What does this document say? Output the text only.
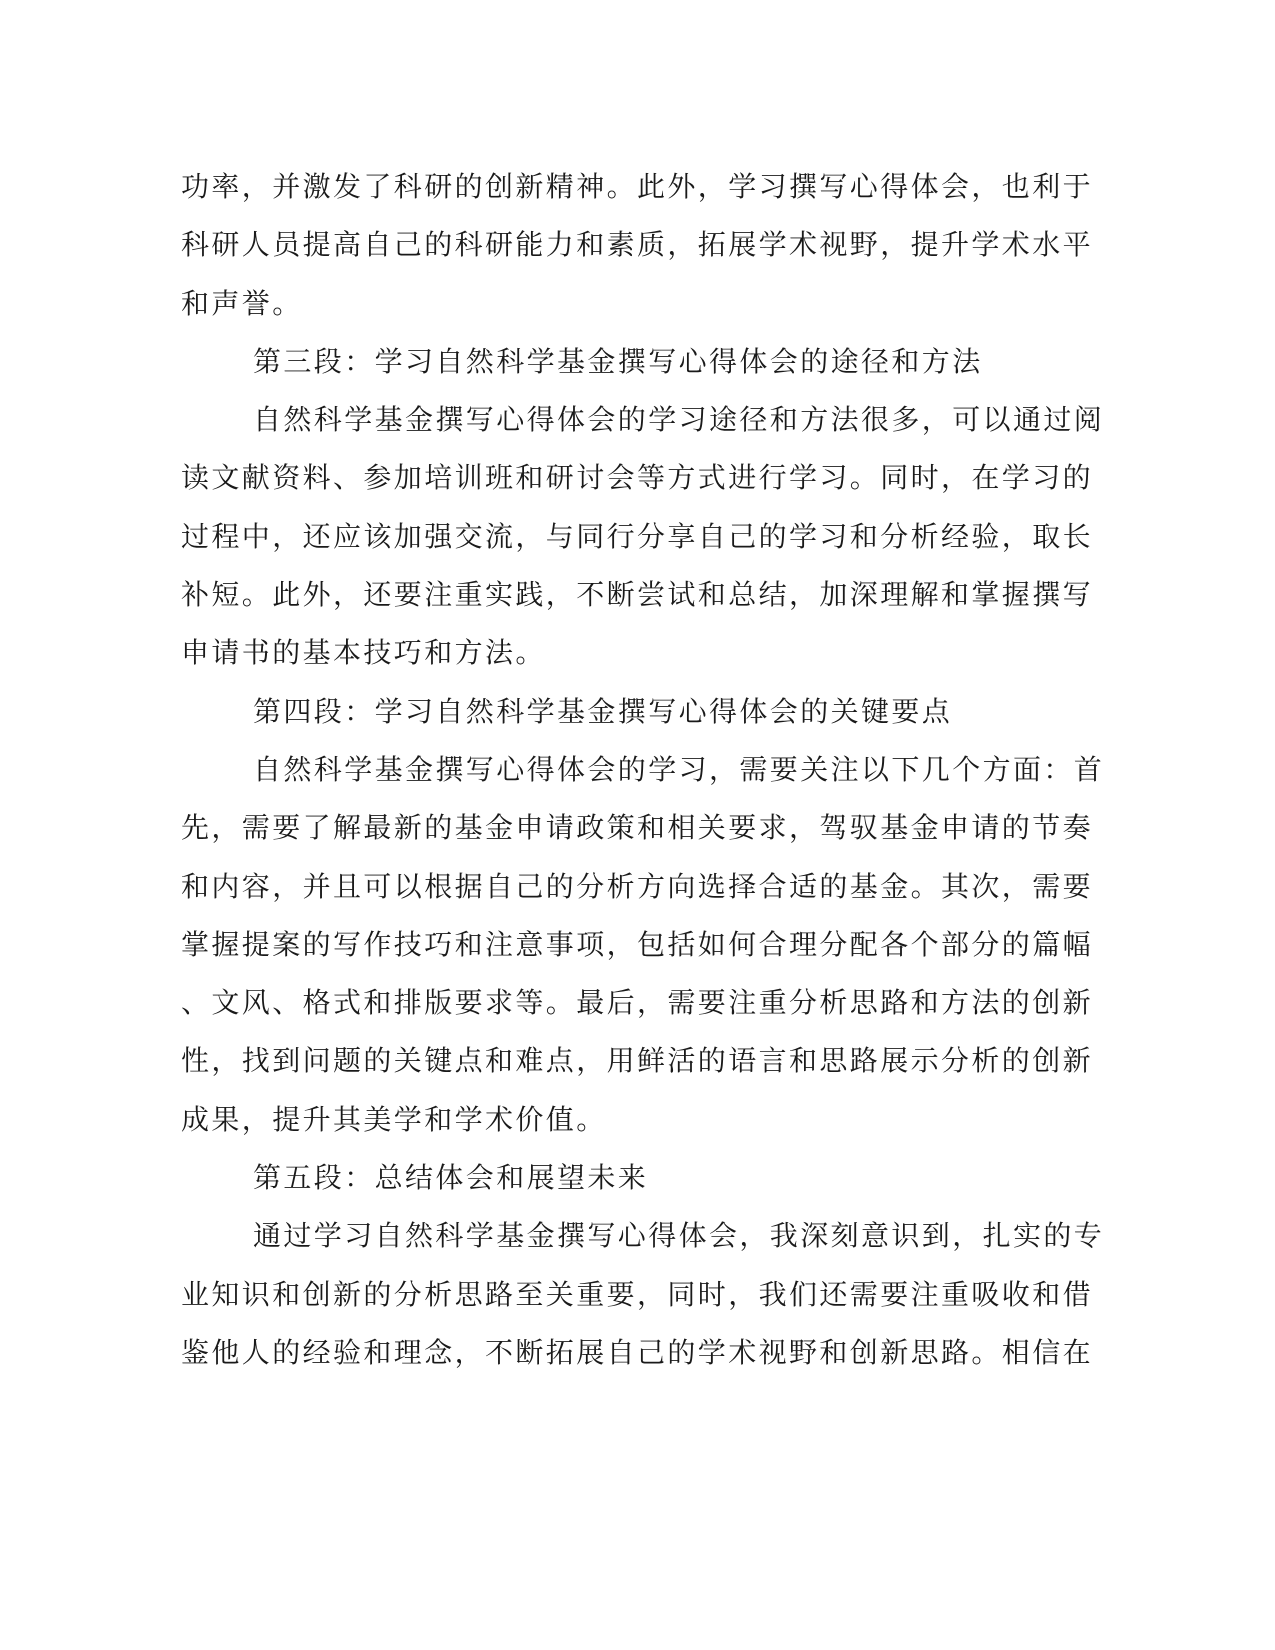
功率，并激发了科研的创新精神。此外，学习撰写心得体会，也利于
科研人员提高自己的科研能力和素质，拓展学术视野，提升学术水平
和声誉。
第三段：学习自然科学基金撰写心得体会的途径和方法
自然科学基金撰写心得体会的学习途径和方法很多，可以通过阅
读文献资料、参加培训班和研讨会等方式进行学习。同时，在学习的
过程中，还应该加强交流，与同行分享自己的学习和分析经验，取长
补短。此外，还要注重实践，不断尝试和总结，加深理解和掌握撰写
申请书的基本技巧和方法。
第四段：学习自然科学基金撰写心得体会的关键要点
自然科学基金撰写心得体会的学习，需要关注以下几个方面：首
先，需要了解最新的基金申请政策和相关要求，驾驭基金申请的节奏
和内容，并且可以根据自己的分析方向选择合适的基金。其次，需要
掌握提案的写作技巧和注意事项，包括如何合理分配各个部分的篇幅
、文风、格式和排版要求等。最后，需要注重分析思路和方法的创新
性，找到问题的关键点和难点，用鲜活的语言和思路展示分析的创新
成果，提升其美学和学术价值。
第五段：总结体会和展望未来
通过学习自然科学基金撰写心得体会，我深刻意识到，扎实的专
业知识和创新的分析思路至关重要，同时，我们还需要注重吸收和借
鉴他人的经验和理念，不断拓展自己的学术视野和创新思路。相信在
